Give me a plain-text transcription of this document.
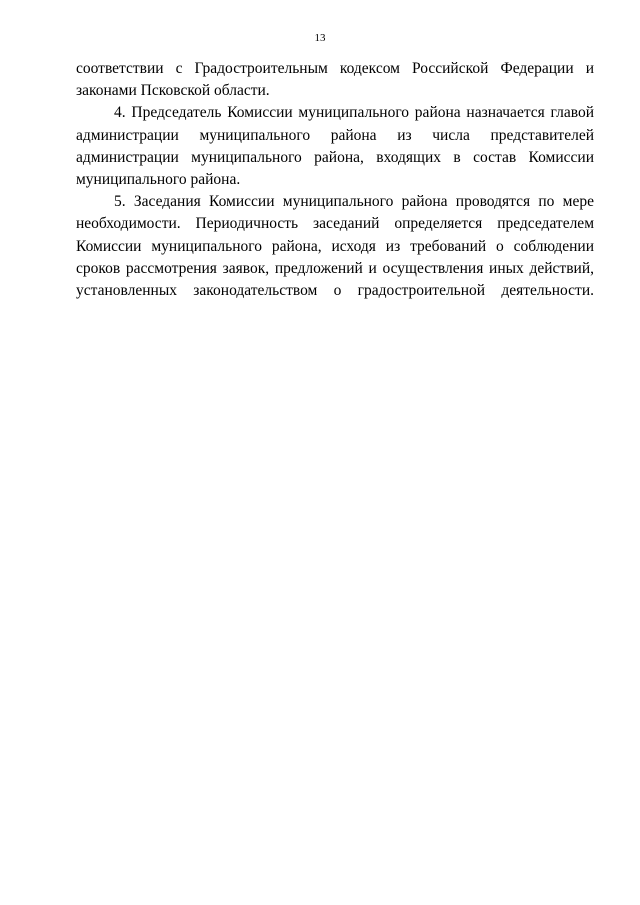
13

соответствии с Градостроительным кодексом Российской Федерации и законами Псковской области.

4. Председатель Комиссии муниципального района назначается главой администрации муниципального района из числа представителей администрации муниципального района, входящих в состав Комиссии муниципального района.

5. Заседания Комиссии муниципального района проводятся по мере необходимости. Периодичность заседаний определяется председателем Комиссии муниципального района, исходя из требований о соблюдении сроков рассмотрения заявок, предложений и осуществления иных действий, установленных законодательством о градостроительной деятельности.
